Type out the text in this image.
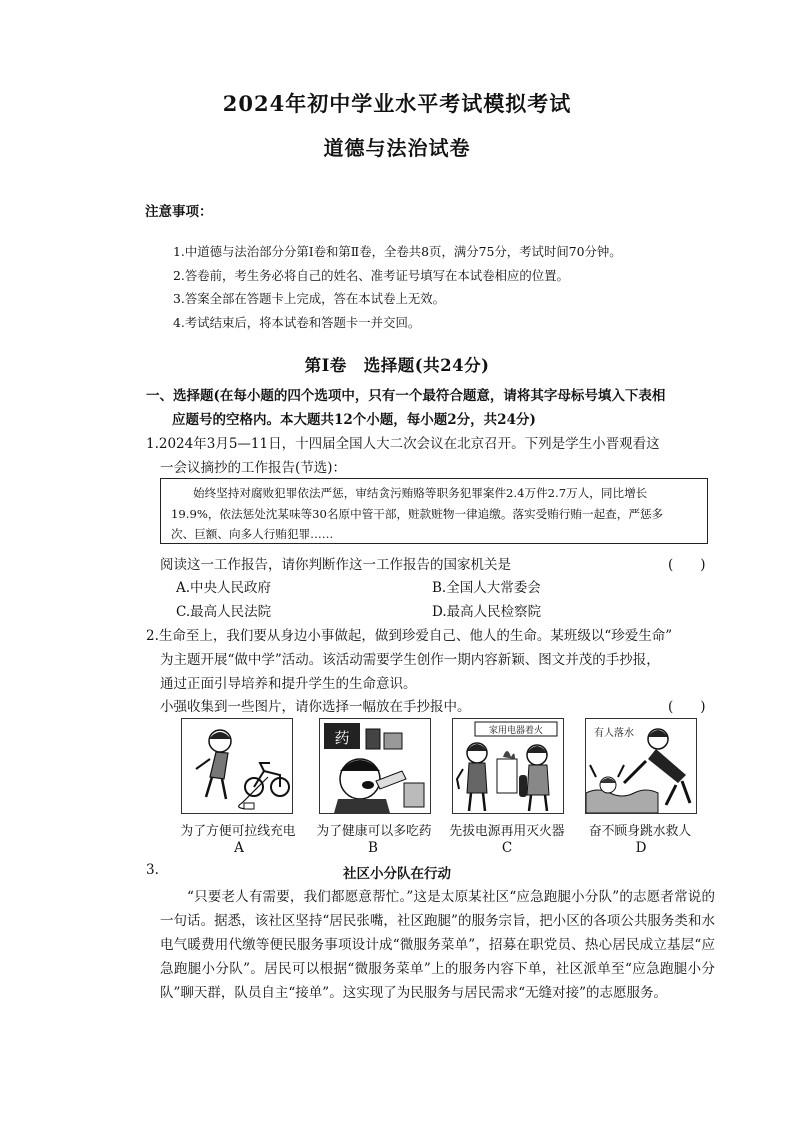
2024年初中学业水平考试模拟考试
道德与法治试卷
注意事项：
1.中道德与法治部分分第Ⅰ卷和第Ⅱ卷，全卷共8页，满分75分，考试时间70分钟。
2.答卷前，考生务必将自己的姓名、准考证号填写在本试卷相应的位置。
3.答案全部在答题卡上完成，答在本试卷上无效。
4.考试结束后，将本试卷和答题卡一并交回。
第Ⅰ卷　选择题(共24分)
一、选择题(在每小题的四个选项中，只有一个最符合题意，请将其字母标号填入下表相
应题号的空格内。本大题共12个小题，每小题2分，共24分)
1.2024年3月5—11日，十四届全国人大二次会议在北京召开。下列是学生小晋观看这
一会议摘抄的工作报告(节选)：
始终坚持对腐败犯罪依法严惩，审结贪污贿赂等职务犯罪案件2.4万件2.7万人，同比增长
19.9%，依法惩处沈某味等30名原中管干部，赃款赃物一律追缴。落实受贿行贿一起查，严惩多
次、巨额、向多人行贿犯罪……
阅读这一工作报告，请你判断作这一工作报告的国家机关是	(　　)
A.中央人民政府	B.全国人大常委会
C.最高人民法院	D.最高人民检察院
2.生命至上，我们要从身边小事做起，做到珍爱自己、他人的生命。某班级以“珍爱生命”
为主题开展“做中学”活动。该活动需要学生创作一期内容新颖、图文并茂的手抄报，
通过正面引导培养和提升学生的生命意识。
小强收集到一些图片，请你选择一幅放在手抄报中。	(　　)
为了方便可拉线充电
A
药
为了健康可以多吃药
B
家用电器着火
先拔电源再用灭火器
C
有人落水
奋不顾身跳水救人
D
3.	社区小分队在行动

“只要老人有需要，我们都愿意帮忙。”这是太原某社区“应急跑腿小分队”的志愿者常说的一句话。据悉，该社区坚持“居民张嘴，社区跑腿”的服务宗旨，把小区的各项公共服务类和水电气暖费用代缴等便民服务事项设计成“微服务菜单”，招募在职党员、热心居民成立基层“应急跑腿小分队”。居民可以根据“微服务菜单”上的服务内容下单，社区派单至“应急跑腿小分队”聊天群，队员自主“接单”。这实现了为民服务与居民需求“无缝对接”的志愿服务。
